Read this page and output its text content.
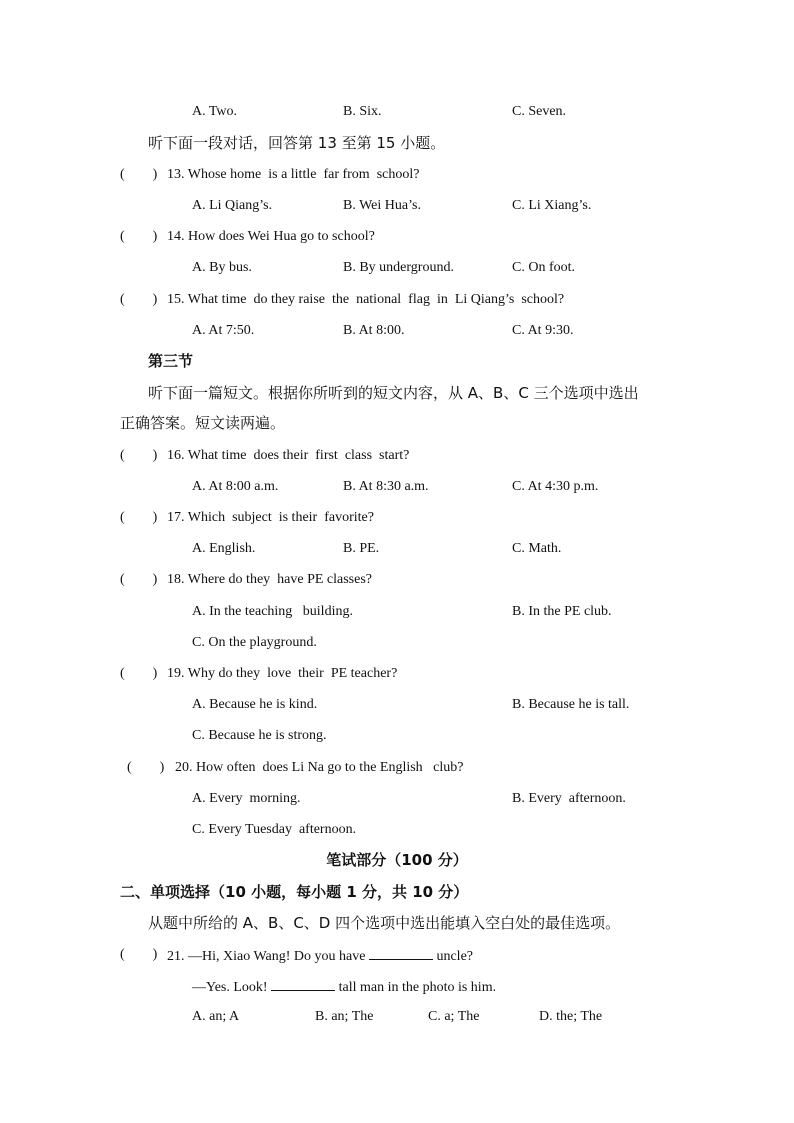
A. Two.	B. Six.	C. Seven.
听下面一段对话，回答第 13 至第 15 小题。
(        ) 13. Whose home  is a little  far from  school?
A. Li Qiang’s.	B. Wei Hua’s.	C. Li Xiang’s.
(        ) 14. How does Wei Hua go to school?
A. By bus.	B. By underground.	C. On foot.
(        ) 15. What time  do they raise  the  national  flag  in  Li Qiang’s  school?
A. At 7:50.	B. At 8:00.	C. At 9:30.
第三节
听下面一篇短文。根据你所听到的短文内容，从 A、B、C 三个选项中选出
正确答案。短文读两遍。
(        ) 16. What time  does their  first  class  start?
A. At 8:00 a.m.	B. At 8:30 a.m.	C. At 4:30 p.m.
(        ) 17. Which  subject  is their  favorite?
A. English.	B. PE.	C. Math.
(        ) 18. Where do they  have PE classes?
A. In the teaching   building.	B. In the PE club.
C. On the playground.
(        ) 19. Why do they  love  their  PE teacher?
A. Because he is kind.	B. Because he is tall.
C. Because he is strong.
(        ) 20. How often  does Li Na go to the English   club?
A. Every  morning.	B. Every  afternoon.
C. Every Tuesday  afternoon.
笔试部分（100 分）
二、单项选择（10 小题，每小题 1 分，共 10 分）
从题中所给的 A、B、C、D 四个选项中选出能填入空白处的最佳选项。
(        ) 21. —Hi, Xiao Wang! Do you have	uncle?
—Yes. Look!	tall man in the photo is him.
A. an; A	B. an; The	C. a; The	D. the; The
